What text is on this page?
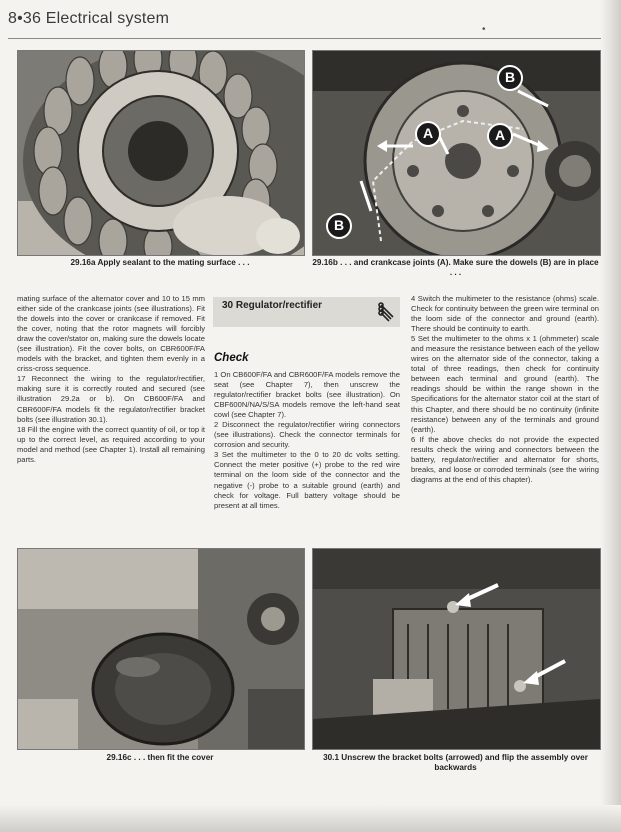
8•36 Electrical system
•
29.16a Apply sealant to the mating surface . . .
A	A
B
B
29.16b . . . and crankcase joints (A). Make sure the dowels (B) are in place . . .

mating surface of the alternator cover and 10 to 15 mm either side of the crankcase joints (see illustrations). Fit the dowels into the cover or crankcase if removed. Fit the cover, noting that the rotor magnets will forcibly draw the cover/stator on, making sure the dowels locate (see illustration). Fit the cover bolts, on CBR600F/FA models with the bracket, and tighten them evenly in a criss-cross sequence.

17 Reconnect the wiring to the regulator/rectifier, making sure it is correctly routed and secured (see illustration 29.2a or b). On CB600F/FA and CBR600F/FA models fit the regulator/rectifier bracket bolts (see illustration 30.1).

18 Fill the engine with the correct quantity of oil, or top it up to the correct level, as required according to your model and method (see Chapter 1). Install all remaining parts.

30 Regulator/rectifier
Check

1 On CB600F/FA and CBR600F/FA models remove the seat (see Chapter 7), then unscrew the regulator/rectifier bracket bolts (see illustration). On CBF600N/NA/S/SA models remove the left-hand seat cowl (see Chapter 7).

2 Disconnect the regulator/rectifier wiring connectors (see illustrations). Check the connector terminals for corrosion and security.

3 Set the multimeter to the 0 to 20 dc volts setting. Connect the meter positive (+) probe to the red wire terminal on the loom side of the connector and the negative (-) probe to a suitable ground (earth) and check for voltage. Full battery voltage should be present at all times.

4 Switch the multimeter to the resistance (ohms) scale. Check for continuity between the green wire terminal on the loom side of the connector and ground (earth). There should be continuity to earth.

5 Set the multimeter to the ohms x 1 (ohmmeter) scale and measure the resistance between each of the yellow wires on the alternator side of the connector, taking a total of three readings, then check for continuity between each terminal and ground (earth). The readings should be within the range shown in the Specifications for the alternator stator coil at the start of this Chapter, and there should be no continuity (infinite resistance) between any of the terminals and ground (earth).

6 If the above checks do not provide the expected results check the wiring and connectors between the battery, regulator/rectifier and alternator for shorts, breaks, and loose or corroded terminals (see the wiring diagrams at the end of this chapter).

29.16c . . . then fit the cover	30.1 Unscrew the bracket bolts (arrowed) and flip the assembly over backwards
